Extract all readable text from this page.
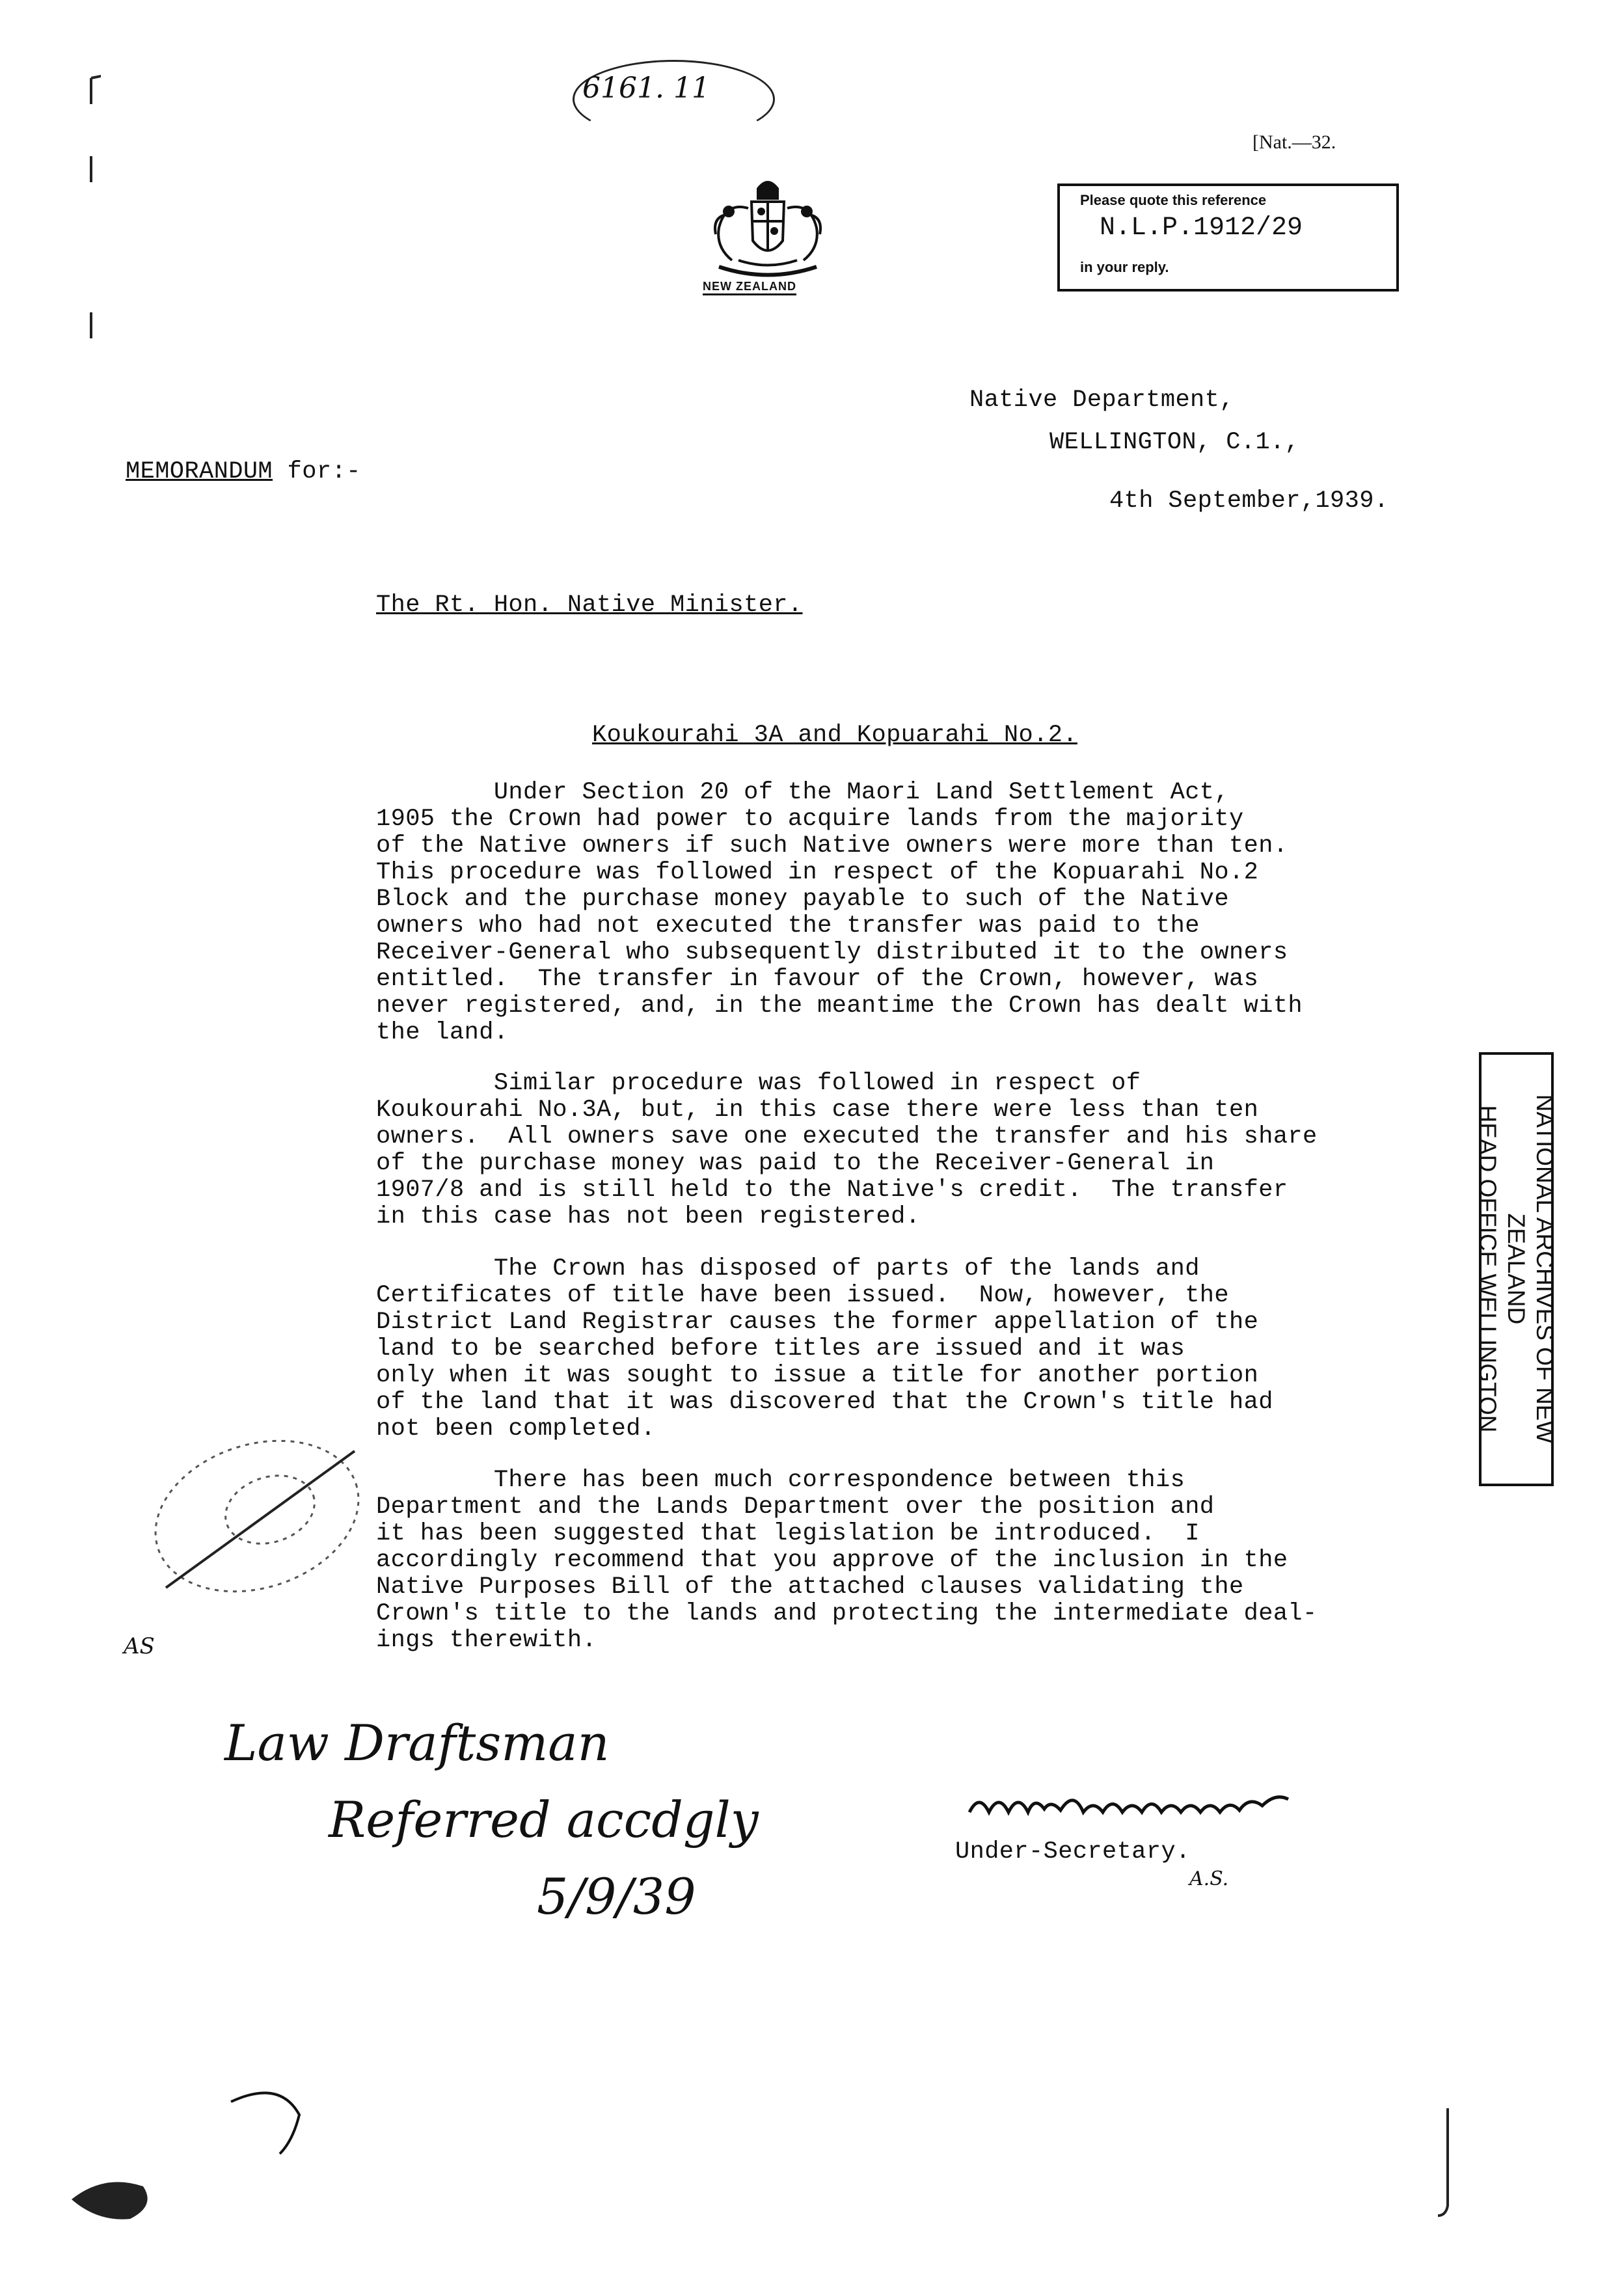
6161. 11
[Nat.—32.
NEW ZEALAND
Please quote this reference
N.L.P.1912/29
in your reply.
Native Department,
WELLINGTON, C.1.,
4th September,1939.
MEMORANDUM for:-
The Rt. Hon. Native Minister.
Koukourahi 3A and Kopuarahi No.2.
Under Section 20 of the Maori Land Settlement Act,
1905 the Crown had power to acquire lands from the majority
of the Native owners if such Native owners were more than ten.
This procedure was followed in respect of the Kopuarahi No.2
Block and the purchase money payable to such of the Native
owners who had not executed the transfer was paid to the
Receiver-General who subsequently distributed it to the owners
entitled.  The transfer in favour of the Crown, however, was
never registered, and, in the meantime the Crown has dealt with
the land.
Similar procedure was followed in respect of
Koukourahi No.3A, but, in this case there were less than ten
owners.  All owners save one executed the transfer and his share
of the purchase money was paid to the Receiver-General in
1907/8 and is still held to the Native's credit.  The transfer
in this case has not been registered.
The Crown has disposed of parts of the lands and
Certificates of title have been issued.  Now, however, the
District Land Registrar causes the former appellation of the
land to be searched before titles are issued and it was
only when it was sought to issue a title for another portion
of the land that it was discovered that the Crown's title had
not been completed.
There has been much correspondence between this
Department and the Lands Department over the position and
it has been suggested that legislation be introduced.  I
accordingly recommend that you approve of the inclusion in the
Native Purposes Bill of the attached clauses validating the
Crown's title to the lands and protecting the intermediate deal-
ings therewith.
NATIONAL ARCHIVES OF NEW ZEALAND
HEAD OFFICE WELLINGTON
Under-Secretary.
A.S.
Law Draftsman
Referred accdgly
5/9/39
AS
